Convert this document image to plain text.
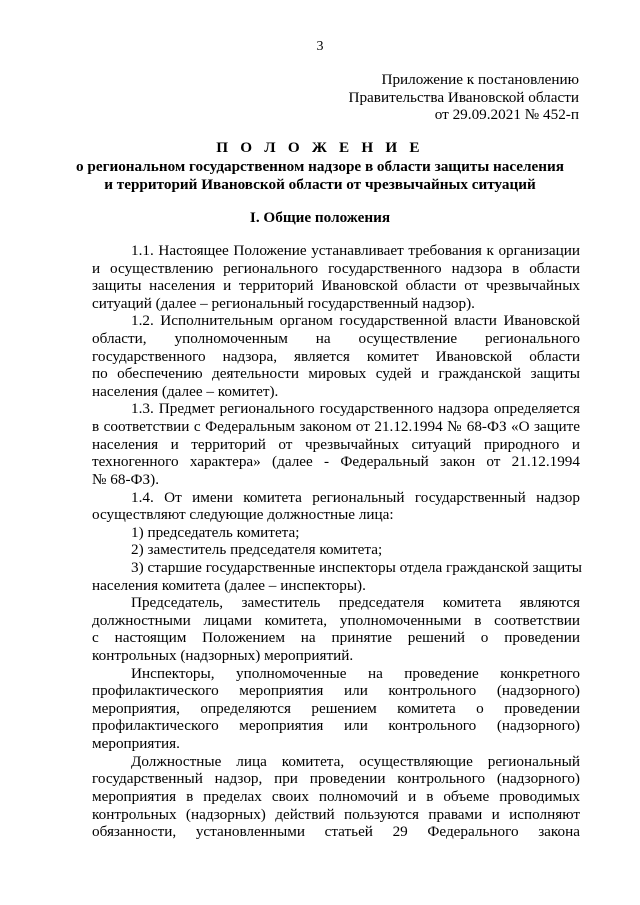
3
Приложение к постановлению
Правительства Ивановской области
от 29.09.2021 № 452-п
П О Л О Ж Е Н И Е
о региональном государственном надзоре в области защиты населения
и территорий Ивановской области от чрезвычайных ситуаций
I. Общие положения
1.1. Настоящее Положение устанавливает требования к организации
и осуществлению регионального государственного надзора в области
защиты населения и территорий Ивановской области от чрезвычайных
ситуаций (далее – региональный государственный надзор).
1.2. Исполнительным органом государственной власти Ивановской
области, уполномоченным на осуществление регионального
государственного надзора, является комитет Ивановской области
по обеспечению деятельности мировых судей и гражданской защиты
населения (далее – комитет).
1.3. Предмет регионального государственного надзора определяется
в соответствии с Федеральным законом от 21.12.1994 № 68-ФЗ «О защите
населения и территорий от чрезвычайных ситуаций природного и
техногенного характера» (далее - Федеральный закон от 21.12.1994
№ 68-ФЗ).
1.4. От имени комитета региональный государственный надзор
осуществляют следующие должностные лица:
1) председатель комитета;
2) заместитель председателя комитета;
3) старшие государственные инспекторы отдела гражданской защиты
населения комитета (далее – инспекторы).
Председатель, заместитель председателя комитета являются
должностными лицами комитета, уполномоченными в соответствии
с настоящим Положением на принятие решений о проведении
контрольных (надзорных) мероприятий.
Инспекторы, уполномоченные на проведение конкретного
профилактического мероприятия или контрольного (надзорного)
мероприятия, определяются решением комитета о проведении
профилактического мероприятия или контрольного (надзорного)
мероприятия.
Должностные лица комитета, осуществляющие региональный
государственный надзор, при проведении контрольного (надзорного)
мероприятия в пределах своих полномочий и в объеме проводимых
контрольных (надзорных) действий пользуются правами и исполняют
обязанности, установленными статьей 29 Федерального закона
